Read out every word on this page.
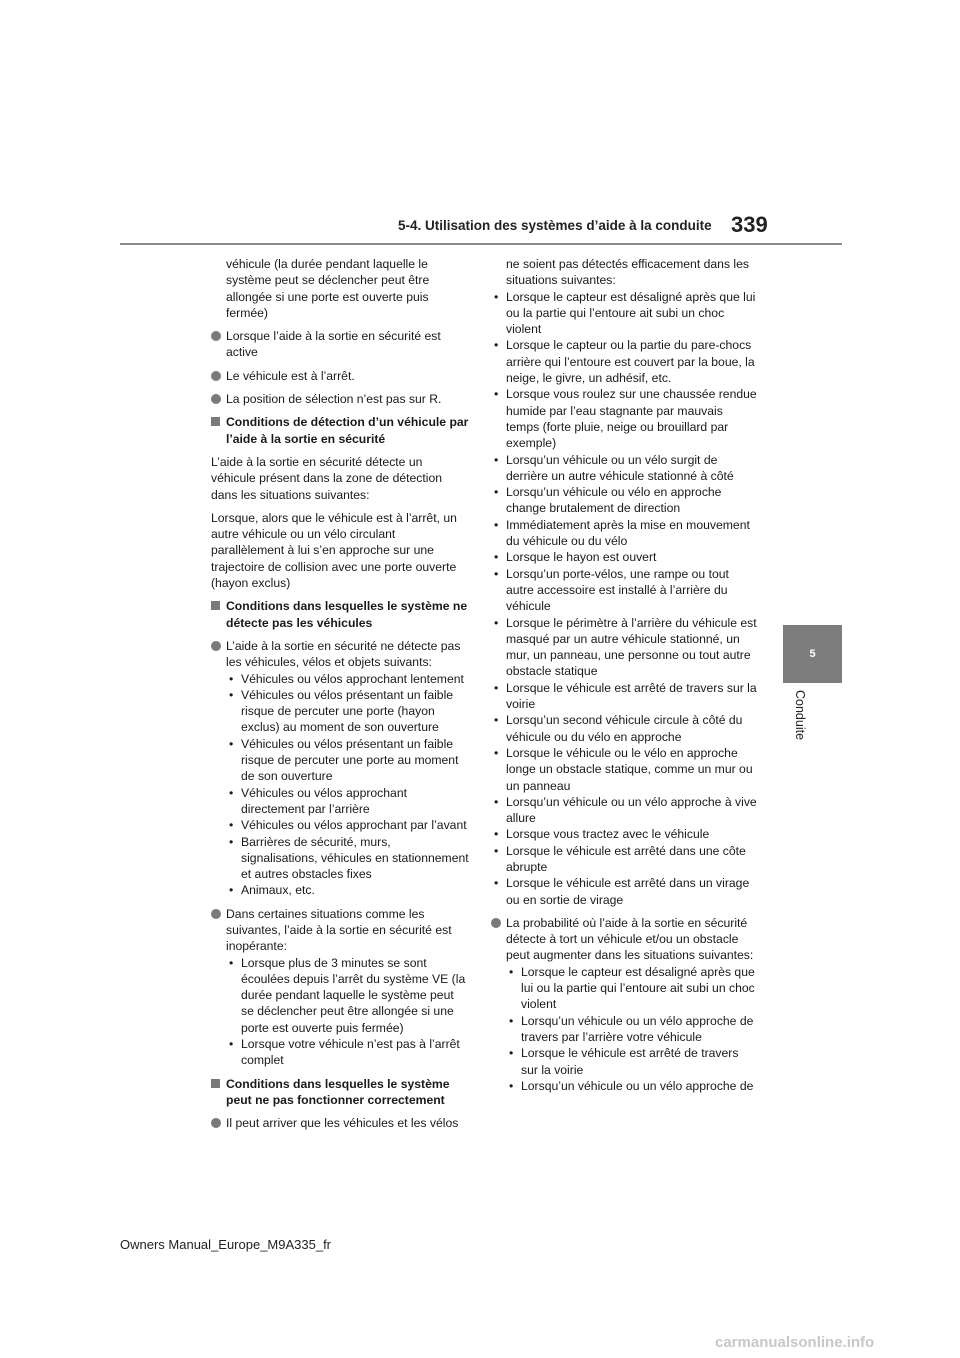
5-4. Utilisation des systèmes d’aide à la conduite 339
5
Conduite
véhicule (la durée pendant laquelle le système peut se déclencher peut être allongée si une porte est ouverte puis fermée)
Lorsque l’aide à la sortie en sécurité est active
Le véhicule est à l’arrêt.
La position de sélection n’est pas sur R.
Conditions de détection d’un véhicule par l’aide à la sortie en sécurité
L’aide à la sortie en sécurité détecte un véhicule présent dans la zone de détection dans les situations suivantes:
Lorsque, alors que le véhicule est à l’arrêt, un autre véhicule ou un vélo circulant parallèlement à lui s’en approche sur une trajectoire de collision avec une porte ouverte (hayon exclus)
Conditions dans lesquelles le système ne détecte pas les véhicules
L’aide à la sortie en sécurité ne détecte pas les véhicules, vélos et objets suivants:
• Véhicules ou vélos approchant lentement
• Véhicules ou vélos présentant un faible risque de percuter une porte (hayon exclus) au moment de son ouverture
• Véhicules ou vélos présentant un faible risque de percuter une porte au moment de son ouverture
• Véhicules ou vélos approchant directement par l’arrière
• Véhicules ou vélos approchant par l’avant
• Barrières de sécurité, murs, signalisations, véhicules en stationnement et autres obstacles fixes
• Animaux, etc.
Dans certaines situations comme les suivantes, l’aide à la sortie en sécurité est inopérante:
• Lorsque plus de 3 minutes se sont écoulées depuis l’arrêt du système VE (la durée pendant laquelle le système peut se déclencher peut être allongée si une porte est ouverte puis fermée)
• Lorsque votre véhicule n’est pas à l’arrêt complet
Conditions dans lesquelles le système peut ne pas fonctionner correctement
Il peut arriver que les véhicules et les vélos
ne soient pas détectés efficacement dans les situations suivantes:
• Lorsque le capteur est désaligné après que lui ou la partie qui l’entoure ait subi un choc violent
• Lorsque le capteur ou la partie du pare-chocs arrière qui l’entoure est couvert par la boue, la neige, le givre, un adhésif, etc.
• Lorsque vous roulez sur une chaussée rendue humide par l’eau stagnante par mauvais temps (forte pluie, neige ou brouillard par exemple)
• Lorsqu’un véhicule ou un vélo surgit de derrière un autre véhicule stationné à côté
• Lorsqu’un véhicule ou vélo en approche change brutalement de direction
• Immédiatement après la mise en mouvement du véhicule ou du vélo
• Lorsque le hayon est ouvert
• Lorsqu’un porte-vélos, une rampe ou tout autre accessoire est installé à l’arrière du véhicule
• Lorsque le périmètre à l’arrière du véhicule est masqué par un autre véhicule stationné, un mur, un panneau, une personne ou tout autre obstacle statique
• Lorsque le véhicule est arrêté de travers sur la voirie
• Lorsqu’un second véhicule circule à côté du véhicule ou du vélo en approche
• Lorsque le véhicule ou le vélo en approche longe un obstacle statique, comme un mur ou un panneau
• Lorsqu’un véhicule ou un vélo approche à vive allure
• Lorsque vous tractez avec le véhicule
• Lorsque le véhicule est arrêté dans une côte abrupte
• Lorsque le véhicule est arrêté dans un virage ou en sortie de virage
La probabilité où l’aide à la sortie en sécurité détecte à tort un véhicule et/ou un obstacle peut augmenter dans les situations suivantes:
• Lorsque le capteur est désaligné après que lui ou la partie qui l’entoure ait subi un choc violent
• Lorsqu’un véhicule ou un vélo approche de travers par l’arrière votre véhicule
• Lorsque le véhicule est arrêté de travers sur la voirie
• Lorsqu’un véhicule ou un vélo approche de
Owners Manual_Europe_M9A335_fr
carmanualsonline.info
